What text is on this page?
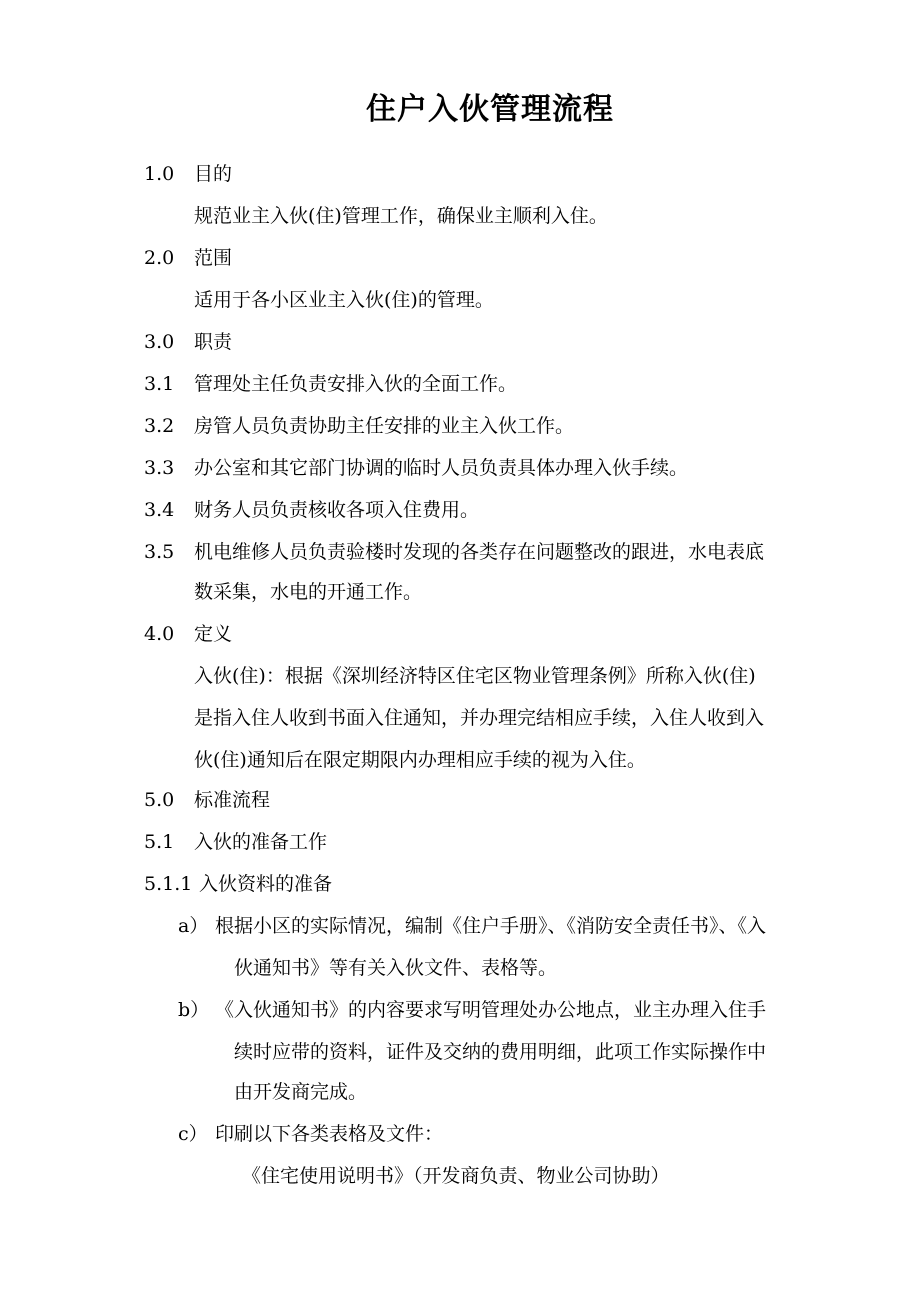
住户入伙管理流程
1.0 目的
规范业主入伙(住)管理工作，确保业主顺利入住。
2.0 范围
适用于各小区业主入伙(住)的管理。
3.0 职责
3.1 管理处主任负责安排入伙的全面工作。
3.2 房管人员负责协助主任安排的业主入伙工作。
3.3 办公室和其它部门协调的临时人员负责具体办理入伙手续。
3.4 财务人员负责核收各项入住费用。
3.5 机电维修人员负责验楼时发现的各类存在问题整改的跟进，水电表底
数采集，水电的开通工作。
4.0 定义
入伙(住)：根据《深圳经济特区住宅区物业管理条例》所称入伙(住)
是指入住人收到书面入住通知，并办理完结相应手续，入住人收到入
伙(住)通知后在限定期限内办理相应手续的视为入住。
5.0 标准流程
5.1 入伙的准备工作
5.1.1 入伙资料的准备
a） 根据小区的实际情况，编制《住户手册》、《消防安全责任书》、《入
伙通知书》等有关入伙文件、表格等。
b） 《入伙通知书》的内容要求写明管理处办公地点，业主办理入住手
续时应带的资料，证件及交纳的费用明细，此项工作实际操作中
由开发商完成。
c） 印刷以下各类表格及文件：
《住宅使用说明书》（开发商负责、物业公司协助）
